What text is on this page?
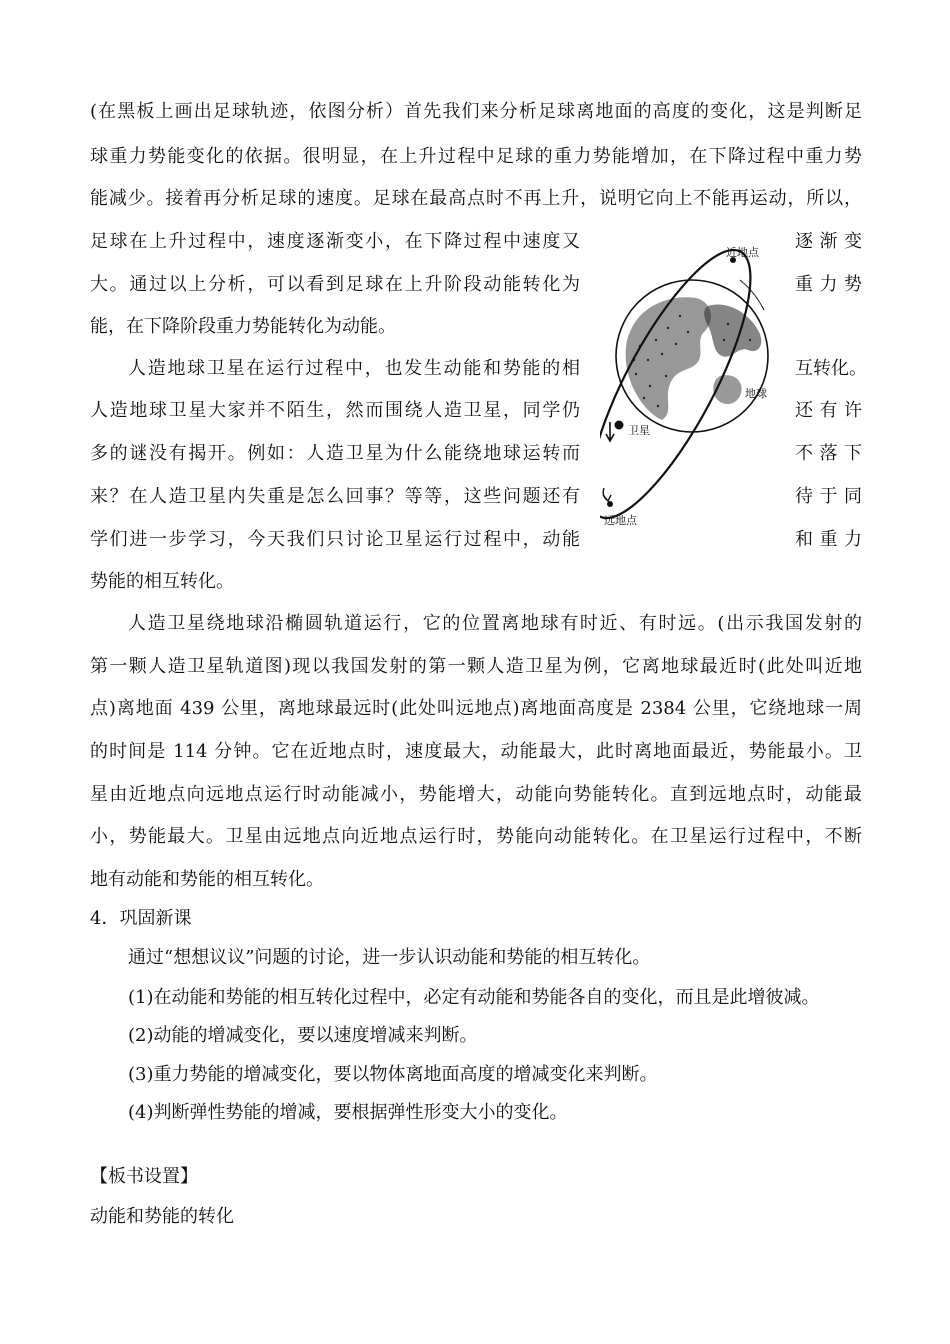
(在黑板上画出足球轨迹，依图分析）首先我们来分析足球离地面的高度的变化，这是判断足
球重力势能变化的依据。很明显，在上升过程中足球的重力势能增加，在下降过程中重力势
能减少。接着再分析足球的速度。足球在最高点时不再上升，说明它向上不能再运动，所以，
足球在上升过程中，速度逐渐变小，在下降过程中速度又	逐渐变
大。通过以上分析，可以看到足球在上升阶段动能转化为	重力势
能，在下降阶段重力势能转化为动能。
人造地球卫星在运行过程中，也发生动能和势能的相	互转化。
人造地球卫星大家并不陌生，然而围绕人造卫星，同学仍	还有许
多的谜没有揭开。例如：人造卫星为什么能绕地球运转而	不落下
来？在人造卫星内失重是怎么回事？等等，这些问题还有	待于同
学们进一步学习，今天我们只讨论卫星运行过程中，动能	和重力
势能的相互转化。
近地点
地球
卫星
远地点
人造卫星绕地球沿椭圆轨道运行，它的位置离地球有时近、有时远。(出示我国发射的
第一颗人造卫星轨道图)现以我国发射的第一颗人造卫星为例，它离地球最近时(此处叫近地
点)离地面 439 公里，离地球最远时(此处叫远地点)离地面高度是 2384 公里，它绕地球一周
的时间是 114 分钟。它在近地点时，速度最大，动能最大，此时离地面最近，势能最小。卫
星由近地点向远地点运行时动能减小，势能增大，动能向势能转化。直到远地点时，动能最
小，势能最大。卫星由远地点向近地点运行时，势能向动能转化。在卫星运行过程中，不断
地有动能和势能的相互转化。
4．巩固新课
通过“想想议议”问题的讨论，进一步认识动能和势能的相互转化。
(1)在动能和势能的相互转化过程中，必定有动能和势能各自的变化，而且是此增彼减。
(2)动能的增减变化，要以速度增减来判断。
(3)重力势能的增减变化，要以物体离地面高度的增减变化来判断。
(4)判断弹性势能的增减，要根据弹性形变大小的变化。
【板书设置】
动能和势能的转化
